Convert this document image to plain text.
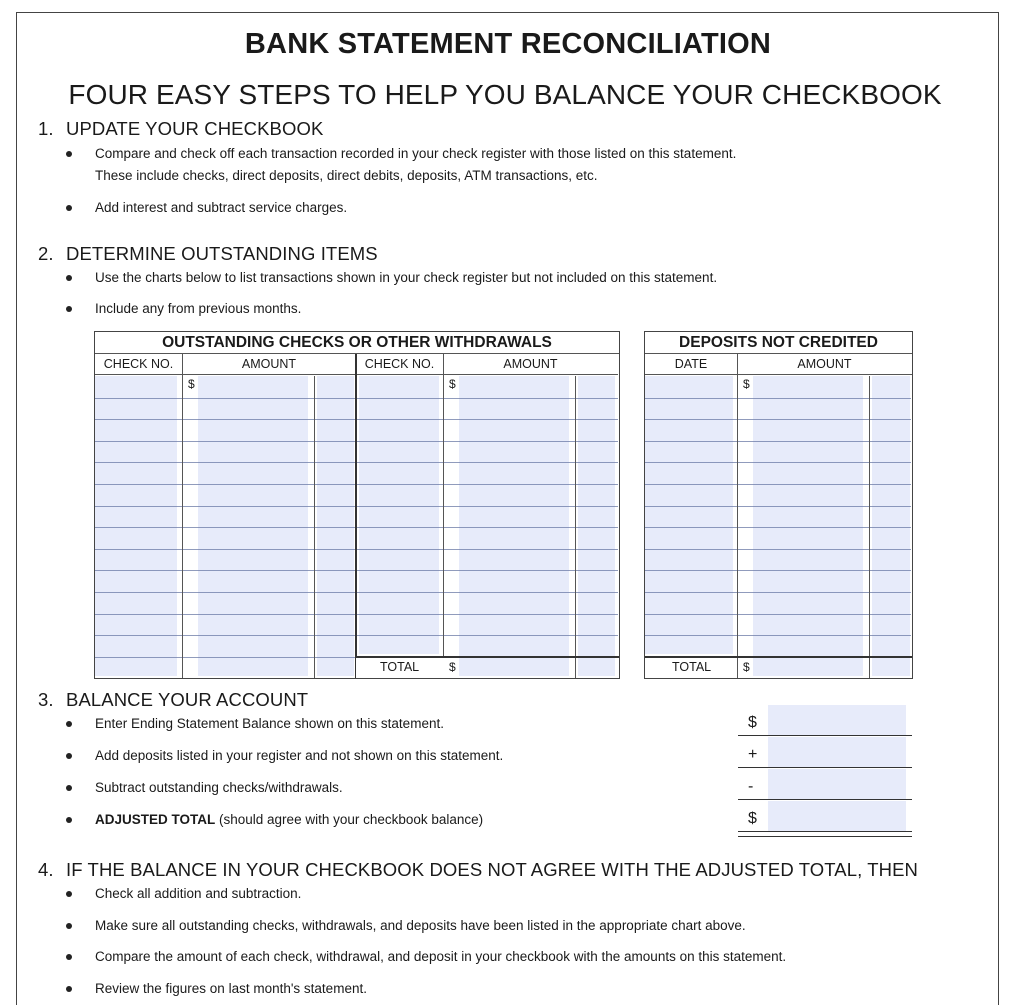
BANK STATEMENT RECONCILIATION
FOUR EASY STEPS TO HELP YOU BALANCE YOUR CHECKBOOK
1. UPDATE YOUR CHECKBOOK
Compare and check off each transaction recorded in your check register with those listed on this statement.
These include checks, direct deposits, direct debits, deposits, ATM transactions, etc.
Add interest and subtract service charges.
2. DETERMINE OUTSTANDING ITEMS
Use the charts below to list transactions shown in your check register but not included on this statement.
Include any from previous months.
OUTSTANDING CHECKS OR OTHER WITHDRAWALS
CHECK NO.	AMOUNT	CHECK NO.	AMOUNT
$	$
TOTAL $
DEPOSITS NOT CREDITED
DATE	AMOUNT
$
TOTAL	$
3. BALANCE YOUR ACCOUNT
Enter Ending Statement Balance shown on this statement.
Add deposits listed in your register and not shown on this statement.
Subtract outstanding checks/withdrawals.
ADJUSTED TOTAL (should agree with your checkbook balance)
$
+
-
$
4. IF THE BALANCE IN YOUR CHECKBOOK DOES NOT AGREE WITH THE ADJUSTED TOTAL, THEN
Check all addition and subtraction.
Make sure all outstanding checks, withdrawals, and deposits have been listed in the appropriate chart above.
Compare the amount of each check, withdrawal, and deposit in your checkbook with the amounts on this statement.
Review the figures on last month's statement.
